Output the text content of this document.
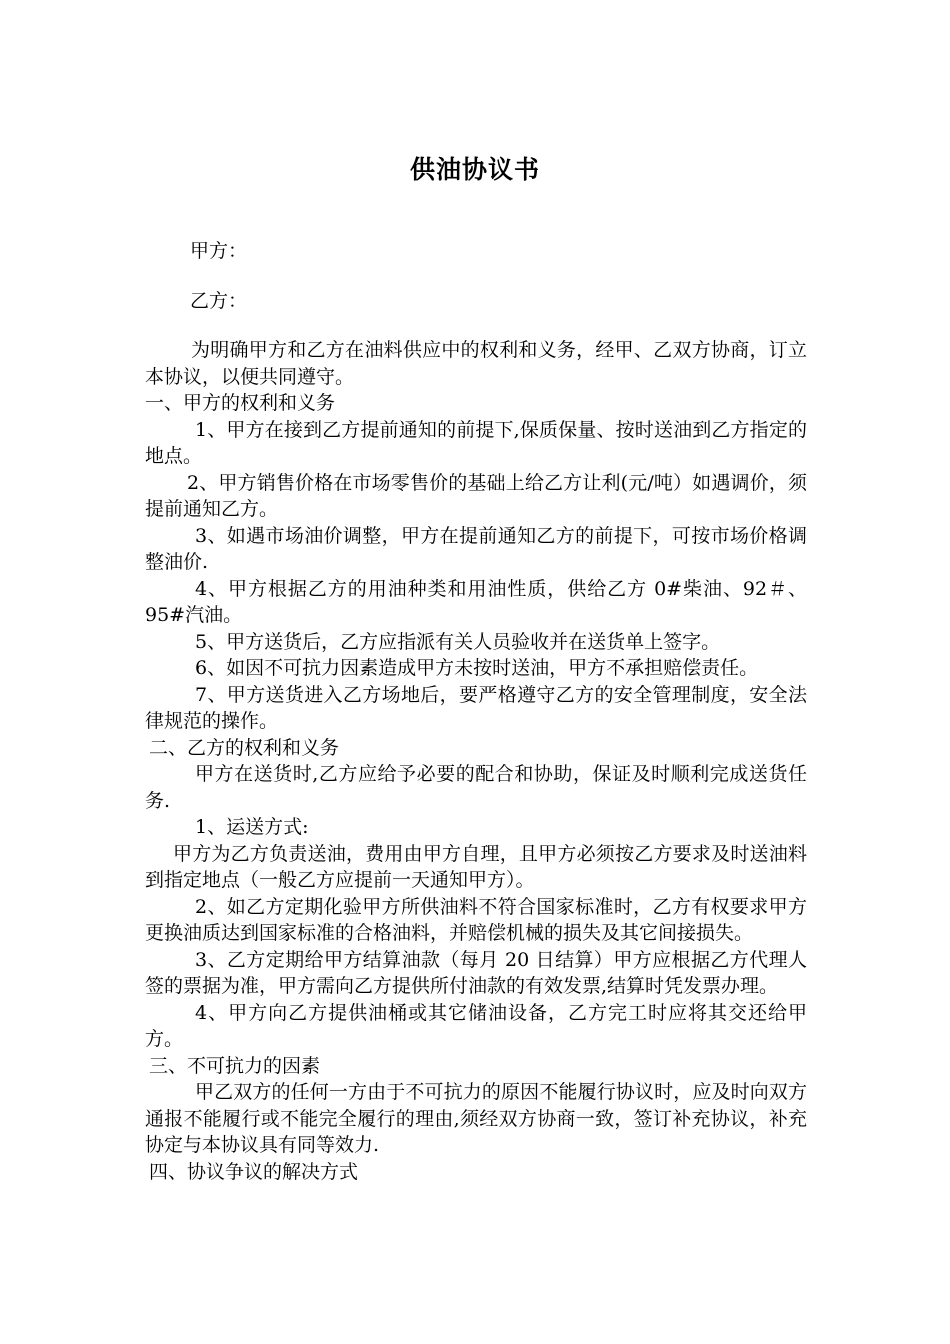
供油协议书
甲方：
乙方：

为明确甲方和乙方在油料供应中的权利和义务，经甲、乙双方协商，订立本协议，以便共同遵守。

一、甲方的权利和义务

1、甲方在接到乙方提前通知的前提下,保质保量、按时送油到乙方指定的地点。

2、甲方销售价格在市场零售价的基础上给乙方让利(元/吨）如遇调价，须提前通知乙方。

3、如遇市场油价调整，甲方在提前通知乙方的前提下，可按市场价格调整油价.

4、甲方根据乙方的用油种类和用油性质，供给乙方 0#柴油、92＃、95#汽油。

5、甲方送货后，乙方应指派有关人员验收并在送货单上签字。

6、如因不可抗力因素造成甲方未按时送油，甲方不承担赔偿责任。

7、甲方送货进入乙方场地后，要严格遵守乙方的安全管理制度，安全法律规范的操作。

二、乙方的权利和义务

甲方在送货时,乙方应给予必要的配合和协助，保证及时顺利完成送货任务.

1、运送方式:

甲方为乙方负责送油，费用由甲方自理，且甲方必须按乙方要求及时送油料到指定地点（一般乙方应提前一天通知甲方）。

2、如乙方定期化验甲方所供油料不符合国家标准时，乙方有权要求甲方更换油质达到国家标准的合格油料，并赔偿机械的损失及其它间接损失。

3、乙方定期给甲方结算油款（每月 20 日结算）甲方应根据乙方代理人签的票据为准，甲方需向乙方提供所付油款的有效发票,结算时凭发票办理。

4、甲方向乙方提供油桶或其它储油设备，乙方完工时应将其交还给甲方。

三、不可抗力的因素

甲乙双方的任何一方由于不可抗力的原因不能履行协议时，应及时向双方通报不能履行或不能完全履行的理由,须经双方协商一致，签订补充协议，补充协定与本协议具有同等效力.

四、协议争议的解决方式
